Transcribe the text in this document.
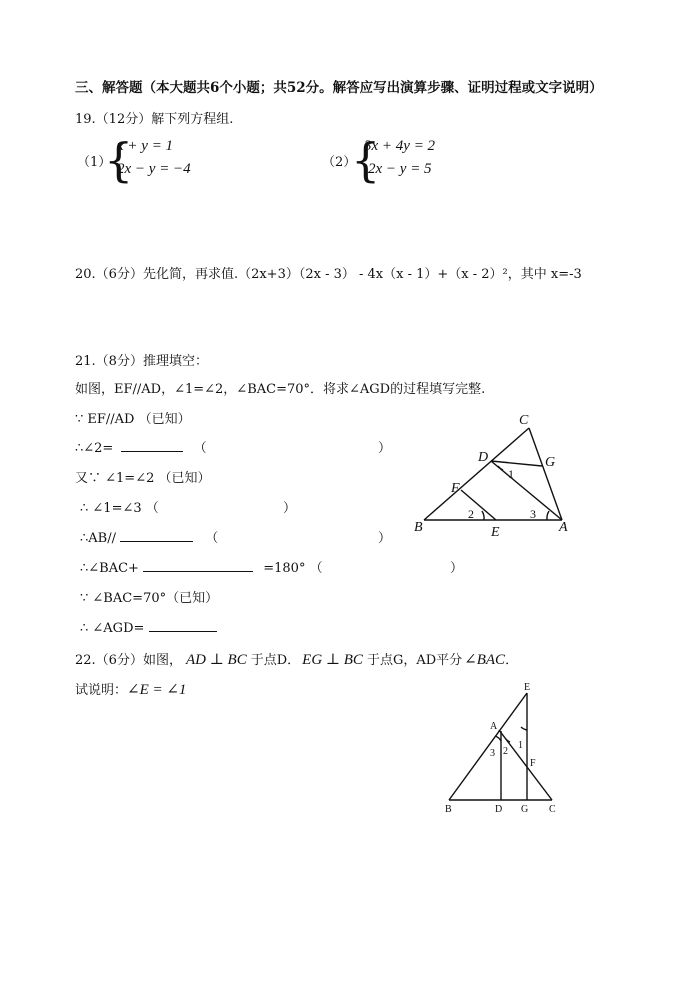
三、解答题（本大题共6个小题；共52分。解答应写出演算步骤、证明过程或文字说明）
19.（12分）解下列方程组.
（1）
{
x + y = 1
2x − y = −4	（2）
{
3x + 4y = 2
2x − y = 5
20.（6分）先化简，再求值.（2x+3）（2x - 3） - 4x（x - 1）+（x - 2）²，其中 x=-3
21.（8分）推理填空：
如图，EF//AD，∠1=∠2，∠BAC=70°．将求∠AGD的过程填写完整.
∵ EF//AD （已知）
∴∠2=	（	）
又∵ ∠1=∠2 （已知）
∴ ∠1=∠3 （	）
∴AB//	（	）
∴∠BAC+	=180° （	）
∵ ∠BAC=70°（已知）
∴ ∠AGD=
C
D	G
F
B	E	A
1
2	3
22.（6分）如图， AD ⊥ BC 于点D． EG ⊥ BC 于点G，AD平分 ∠BAC．
试说明：∠E = ∠1	E
A
F
B	D G C
1
2
3
